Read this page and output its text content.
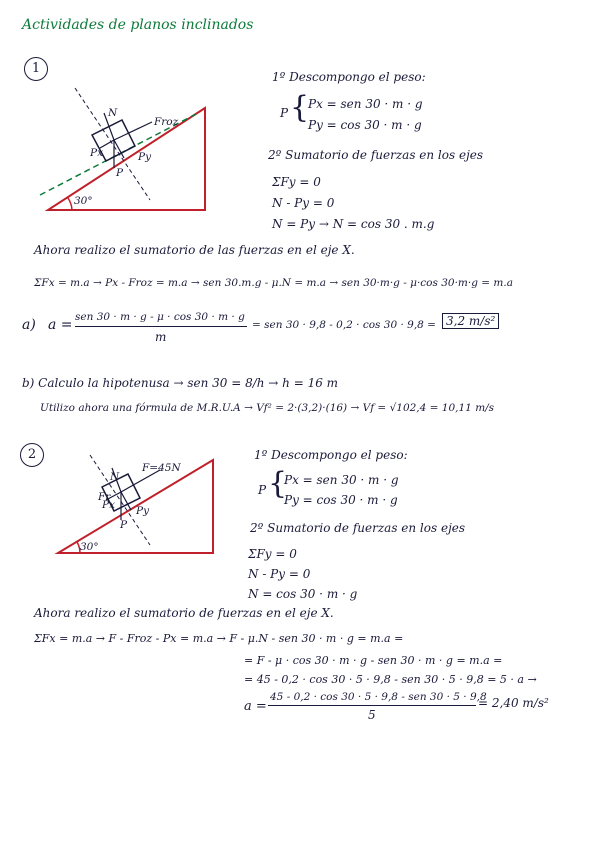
Actividades de planos inclinados
1
30°
N
Froz
Px	Py
P
1º Descompongo el peso:
P {
Px = sen 30 · m · g
Py = cos 30 · m · g
2º Sumatorio de fuerzas en los ejes
ΣFy = 0
N - Py = 0
N = Py → N = cos 30 . m.g
Ahora realizo el sumatorio de las fuerzas en el eje X.
ΣFx = m.a → Px - Froz = m.a → sen 30.m.g - μ.N = m.a → sen 30·m·g - μ·cos 30·m·g = m.a
a) a = sen 30 · m · g - μ · cos 30 · m · g
m
= sen 30 · 9,8 - 0,2 · cos 30 · 9,8 = 3,2 m/s²
b) Calculo la hipotenusa → sen 30 = 8/h → h = 16 m
Utilizo ahora una fórmula de M.R.U.A → Vf² = 2·(3,2)·(16) → Vf = √102,4 = 10,11 m/s
2
30°
F=45N
N
Fr
Px Py
P
1º Descompongo el peso:
P {
Px = sen 30 · m · g
Py = cos 30 · m · g
2º Sumatorio de fuerzas en los ejes
ΣFy = 0
N - Py = 0
N = cos 30 · m · g
Ahora realizo el sumatorio de fuerzas en el eje X.
ΣFx = m.a → F - Froz - Px = m.a → F - μ.N - sen 30 · m · g = m.a =
= F - μ · cos 30 · m · g - sen 30 · m · g = m.a =
= 45 - 0,2 · cos 30 · 5 · 9,8 - sen 30 · 5 · 9,8 = 5 · a →
a =
45 - 0,2 · cos 30 · 5 · 9,8 - sen 30 · 5 · 9,8
5
= 2,40 m/s²
